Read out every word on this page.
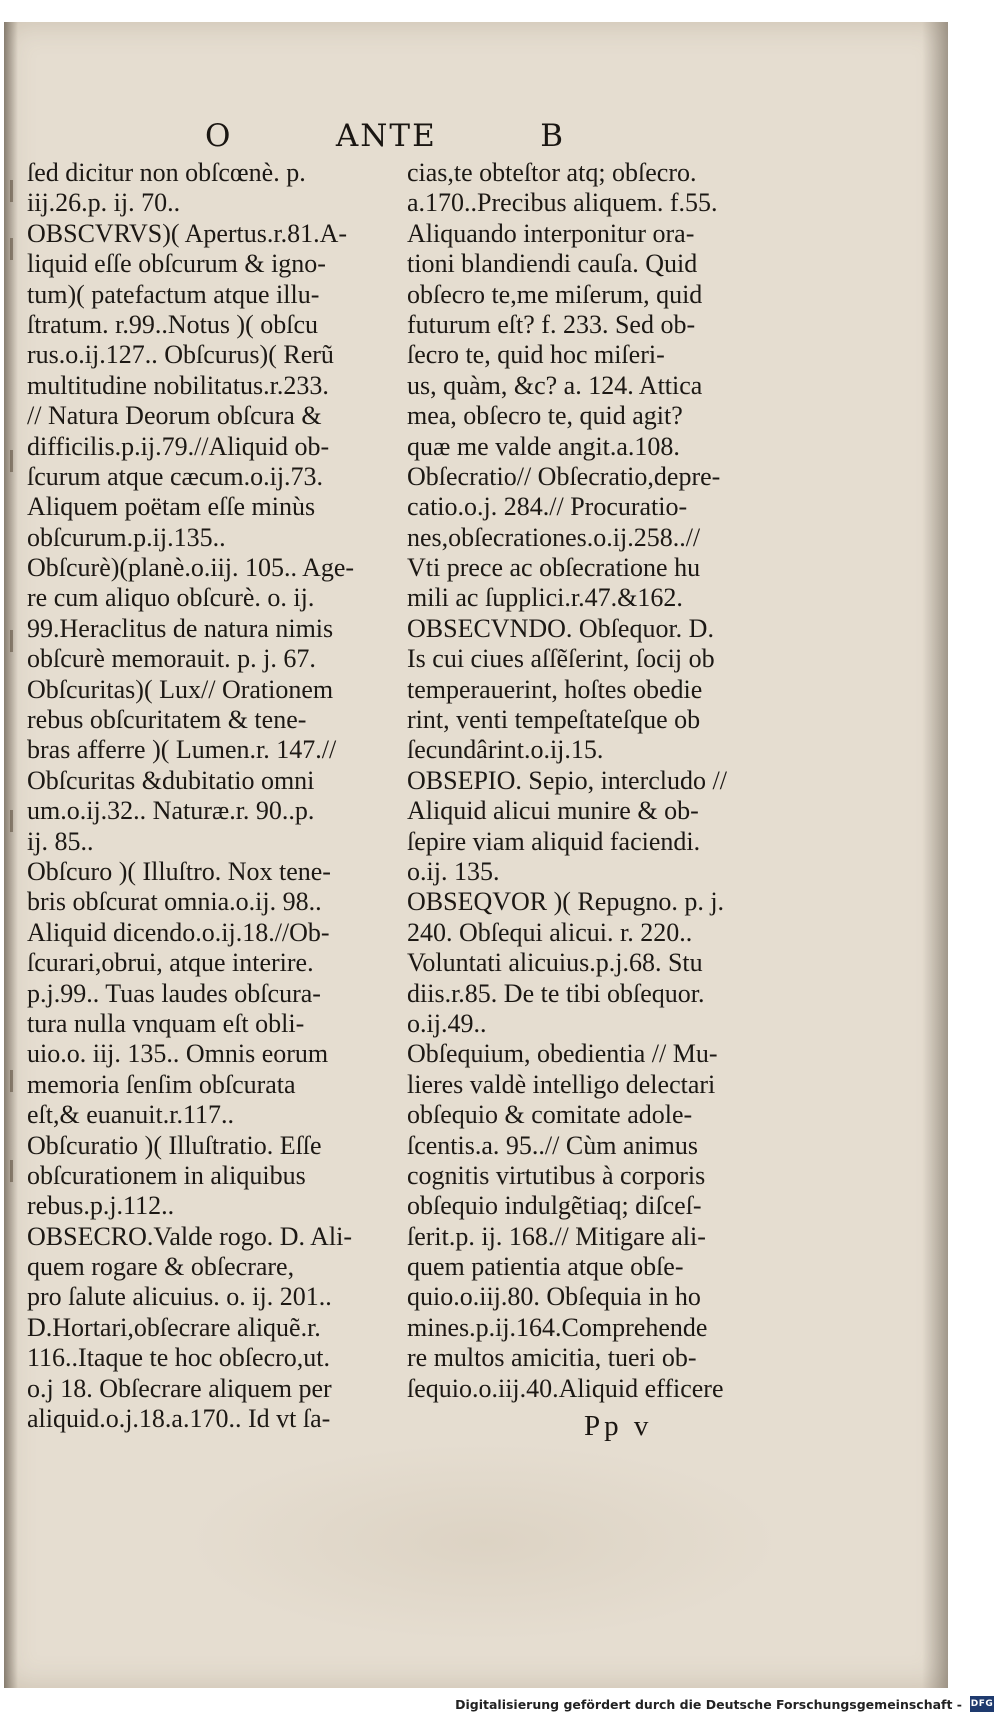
O	ANTE	B
ſed dicitur non obſcœnè. p.
iij.26.p. ij. 70..
OBSCVRVS)( Apertus.r.81.A-
liquid eſſe obſcurum & igno-
tum)( patefactum atque illu-
ſtratum. r.99..Notus )( obſcu
rus.o.ij.127.. Obſcurus)( Rerũ
multitudine nobilitatus.r.233.
// Natura Deorum obſcura &
difficilis.p.ij.79.//Aliquid ob-
ſcurum atque cæcum.o.ij.73.
Aliquem poëtam eſſe minùs
obſcurum.p.ij.135..
Obſcurè)(planè.o.iij. 105.. Age-
re cum aliquo obſcurè. o. ij.
99.Heraclitus de natura nimis
obſcurè memorauit. p. j. 67.
Obſcuritas)( Lux// Orationem
rebus obſcuritatem & tene-
bras afferre )( Lumen.r. 147.//
Obſcuritas &dubitatio omni
um.o.ij.32.. Naturæ.r. 90..p.
ij. 85..
Obſcuro )( Illuſtro. Nox tene-
bris obſcurat omnia.o.ij. 98..
Aliquid dicendo.o.ij.18.//Ob-
ſcurari,obrui, atque interire.
p.j.99.. Tuas laudes obſcura-
tura nulla vnquam eſt obli-
uio.o. iij. 135.. Omnis eorum
memoria ſenſim obſcurata
eſt,& euanuit.r.117..
Obſcuratio )( Illuſtratio. Eſſe
obſcurationem in aliquibus
rebus.p.j.112..
OBSECRO.Valde rogo. D. Ali-
quem rogare & obſecrare,
pro ſalute alicuius. o. ij. 201..
D.Hortari,obſecrare aliquẽ.r.
116..Itaque te hoc obſecro,ut.
o.j 18. Obſecrare aliquem per
aliquid.o.j.18.a.170.. Id vt ſa-
cias,te obteſtor atq; obſecro.
a.170..Precibus aliquem. f.55.
Aliquando interponitur ora-
tioni blandiendi cauſa. Quid
obſecro te,me miſerum, quid
futurum eſt? f. 233. Sed ob-
ſecro te, quid hoc miſeri-
us, quàm, &c? a. 124. Attica
mea, obſecro te, quid agit?
quæ me valde angit.a.108.
Obſecratio// Obſecratio,depre-
catio.o.j. 284.// Procuratio-
nes,obſecrationes.o.ij.258..//
Vti prece ac obſecratione hu
mili ac ſupplici.r.47.&162.
OBSECVNDO. Obſequor. D.
Is cui ciues aſſẽſerint, ſocij ob
temperauerint, hoſtes obedie
rint, venti tempeſtateſque ob
ſecundârint.o.ij.15.
OBSEPIO. Sepio, intercludo //
Aliquid alicui munire & ob-
ſepire viam aliquid faciendi.
o.ij. 135.
OBSEQVOR )( Repugno. p. j.
240. Obſequi alicui. r. 220..
Voluntati alicuius.p.j.68. Stu
diis.r.85. De te tibi obſequor.
o.ij.49..
Obſequium, obedientia // Mu-
lieres valdè intelligo delectari
obſequio & comitate adole-
ſcentis.a. 95..// Cùm animus
cognitis virtutibus à corporis
obſequio indulgẽtiaq; diſceſ-
ſerit.p. ij. 168.// Mitigare ali-
quem patientia atque obſe-
quio.o.iij.80. Obſequia in ho
mines.p.ij.164.Comprehende
re multos amicitia, tueri ob-
ſequio.o.iij.40.Aliquid efficere
Pp v
Digitalisierung gefördert durch die Deutsche Forschungsgemeinschaft - DFG
